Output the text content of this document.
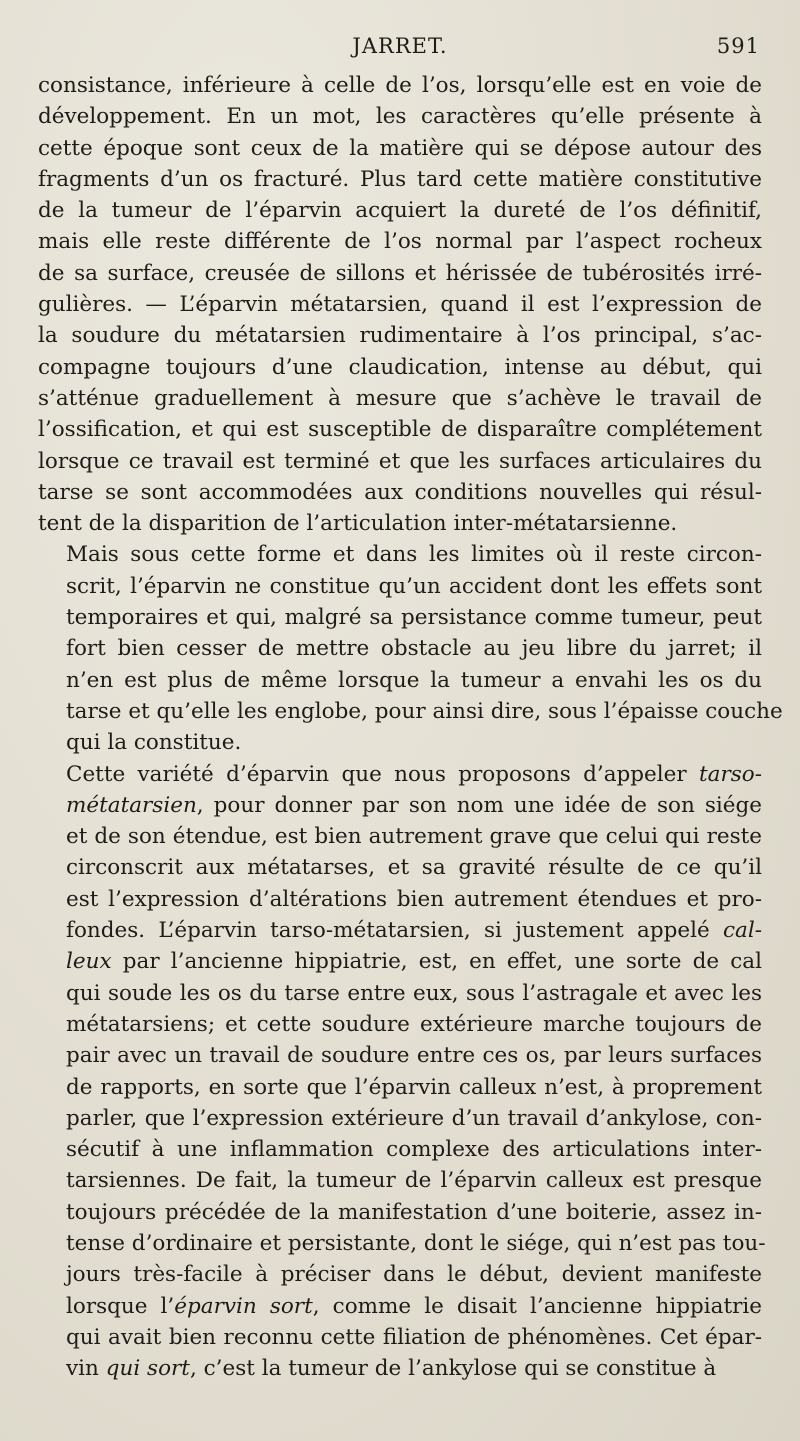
JARRET.	591

consistance, inférieure à celle de l’os, lorsqu’elle est en voie de
développement. En un mot, les caractères qu’elle présente à
cette époque sont ceux de la matière qui se dépose autour des
fragments d’un os fracturé. Plus tard cette matière constitutive
de la tumeur de l’éparvin acquiert la dureté de l’os définitif,
mais elle reste différente de l’os normal par l’aspect rocheux
de sa surface, creusée de sillons et hérissée de tubérosités irré-
gulières. — L’éparvin métatarsien, quand il est l’expression de
la soudure du métatarsien rudimentaire à l’os principal, s’ac-
compagne toujours d’une claudication, intense au début, qui
s’atténue graduellement à mesure que s’achève le travail de
l’ossification, et qui est susceptible de disparaître complétement
lorsque ce travail est terminé et que les surfaces articulaires du
tarse se sont accommodées aux conditions nouvelles qui résul-
tent de la disparition de l’articulation inter-métatarsienne.

Mais sous cette forme et dans les limites où il reste circon-
scrit, l’éparvin ne constitue qu’un accident dont les effets sont
temporaires et qui, malgré sa persistance comme tumeur, peut
fort bien cesser de mettre obstacle au jeu libre du jarret; il
n’en est plus de même lorsque la tumeur a envahi les os du
tarse et qu’elle les englobe, pour ainsi dire, sous l’épaisse couche
qui la constitue.

Cette variété d’éparvin que nous proposons d’appeler tarso-
métatarsien, pour donner par son nom une idée de son siége
et de son étendue, est bien autrement grave que celui qui reste
circonscrit aux métatarses, et sa gravité résulte de ce qu’il
est l’expression d’altérations bien autrement étendues et pro-
fondes. L’éparvin tarso-métatarsien, si justement appelé cal-
leux par l’ancienne hippiatrie, est, en effet, une sorte de cal
qui soude les os du tarse entre eux, sous l’astragale et avec les
métatarsiens; et cette soudure extérieure marche toujours de
pair avec un travail de soudure entre ces os, par leurs surfaces
de rapports, en sorte que l’éparvin calleux n’est, à proprement
parler, que l’expression extérieure d’un travail d’ankylose, con-
sécutif à une inflammation complexe des articulations inter-
tarsiennes. De fait, la tumeur de l’éparvin calleux est presque
toujours précédée de la manifestation d’une boiterie, assez in-
tense d’ordinaire et persistante, dont le siége, qui n’est pas tou-
jours très-facile à préciser dans le début, devient manifeste
lorsque l’éparvin sort, comme le disait l’ancienne hippiatrie
qui avait bien reconnu cette filiation de phénomènes. Cet épar-
vin qui sort, c’est la tumeur de l’ankylose qui se constitue à
